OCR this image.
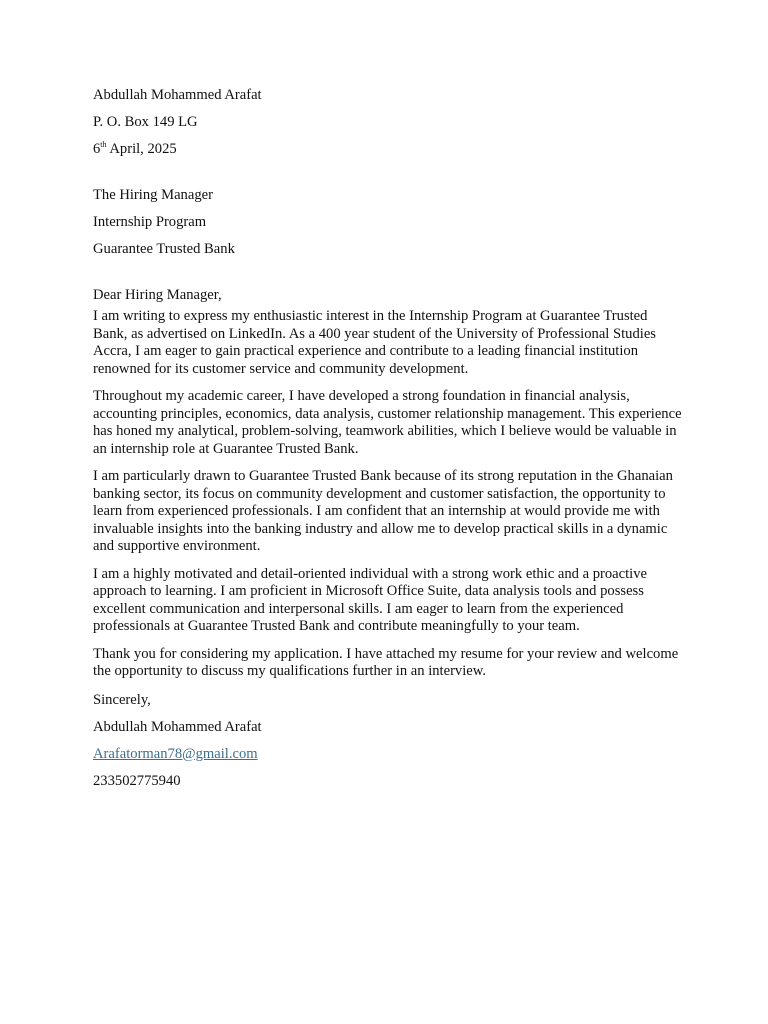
Abdullah Mohammed Arafat
P. O. Box 149 LG
6th April, 2025
The Hiring Manager
Internship Program
Guarantee Trusted Bank
Dear Hiring Manager,

I am writing to express my enthusiastic interest in the Internship Program at Guarantee Trusted Bank, as advertised on LinkedIn. As a 400 year student of the University of Professional Studies Accra, I am eager to gain practical experience and contribute to a leading financial institution renowned for its customer service and community development.

Throughout my academic career, I have developed a strong foundation in financial analysis, accounting principles, economics, data analysis, customer relationship management. This experience has honed my analytical, problem-solving, teamwork abilities, which I believe would be valuable in an internship role at Guarantee Trusted Bank.

I am particularly drawn to Guarantee Trusted Bank because of its strong reputation in the Ghanaian banking sector, its focus on community development and customer satisfaction, the opportunity to learn from experienced professionals. I am confident that an internship at would provide me with invaluable insights into the banking industry and allow me to develop practical skills in a dynamic and supportive environment.

I am a highly motivated and detail-oriented individual with a strong work ethic and a proactive approach to learning. I am proficient in Microsoft Office Suite, data analysis tools and possess excellent communication and interpersonal skills. I am eager to learn from the experienced professionals at Guarantee Trusted Bank and contribute meaningfully to your team.

Thank you for considering my application. I have attached my resume for your review and welcome the opportunity to discuss my qualifications further in an interview.

Sincerely,
Abdullah Mohammed Arafat
Arafatorman78@gmail.com
233502775940
